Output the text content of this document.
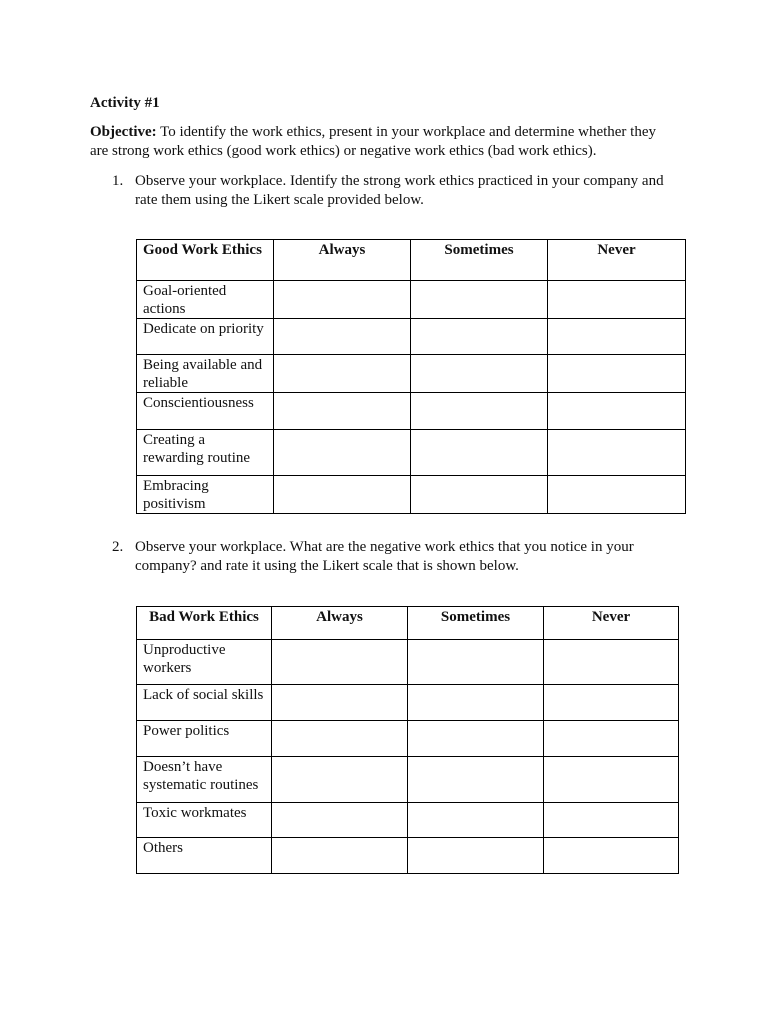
Activity #1
Objective: To identify the work ethics, present in your workplace and determine whether they are strong work ethics (good work ethics) or negative work ethics (bad work ethics).
1. Observe your workplace. Identify the strong work ethics practiced in your company and rate them using the Likert scale provided below.
Good Work Ethics	Always	Sometimes	Never
Goal-oriented actions			
Dedicate on priority			
Being available and reliable			
Conscientiousness			
Creating a rewarding routine			
Embracing positivism			
2. Observe your workplace. What are the negative work ethics that you notice in your company? and rate it using the Likert scale that is shown below.
Bad Work Ethics	Always	Sometimes	Never
Unproductive workers			
Lack of social skills			
Power politics			
Doesn’t have systematic routines			
Toxic workmates			
Others			
